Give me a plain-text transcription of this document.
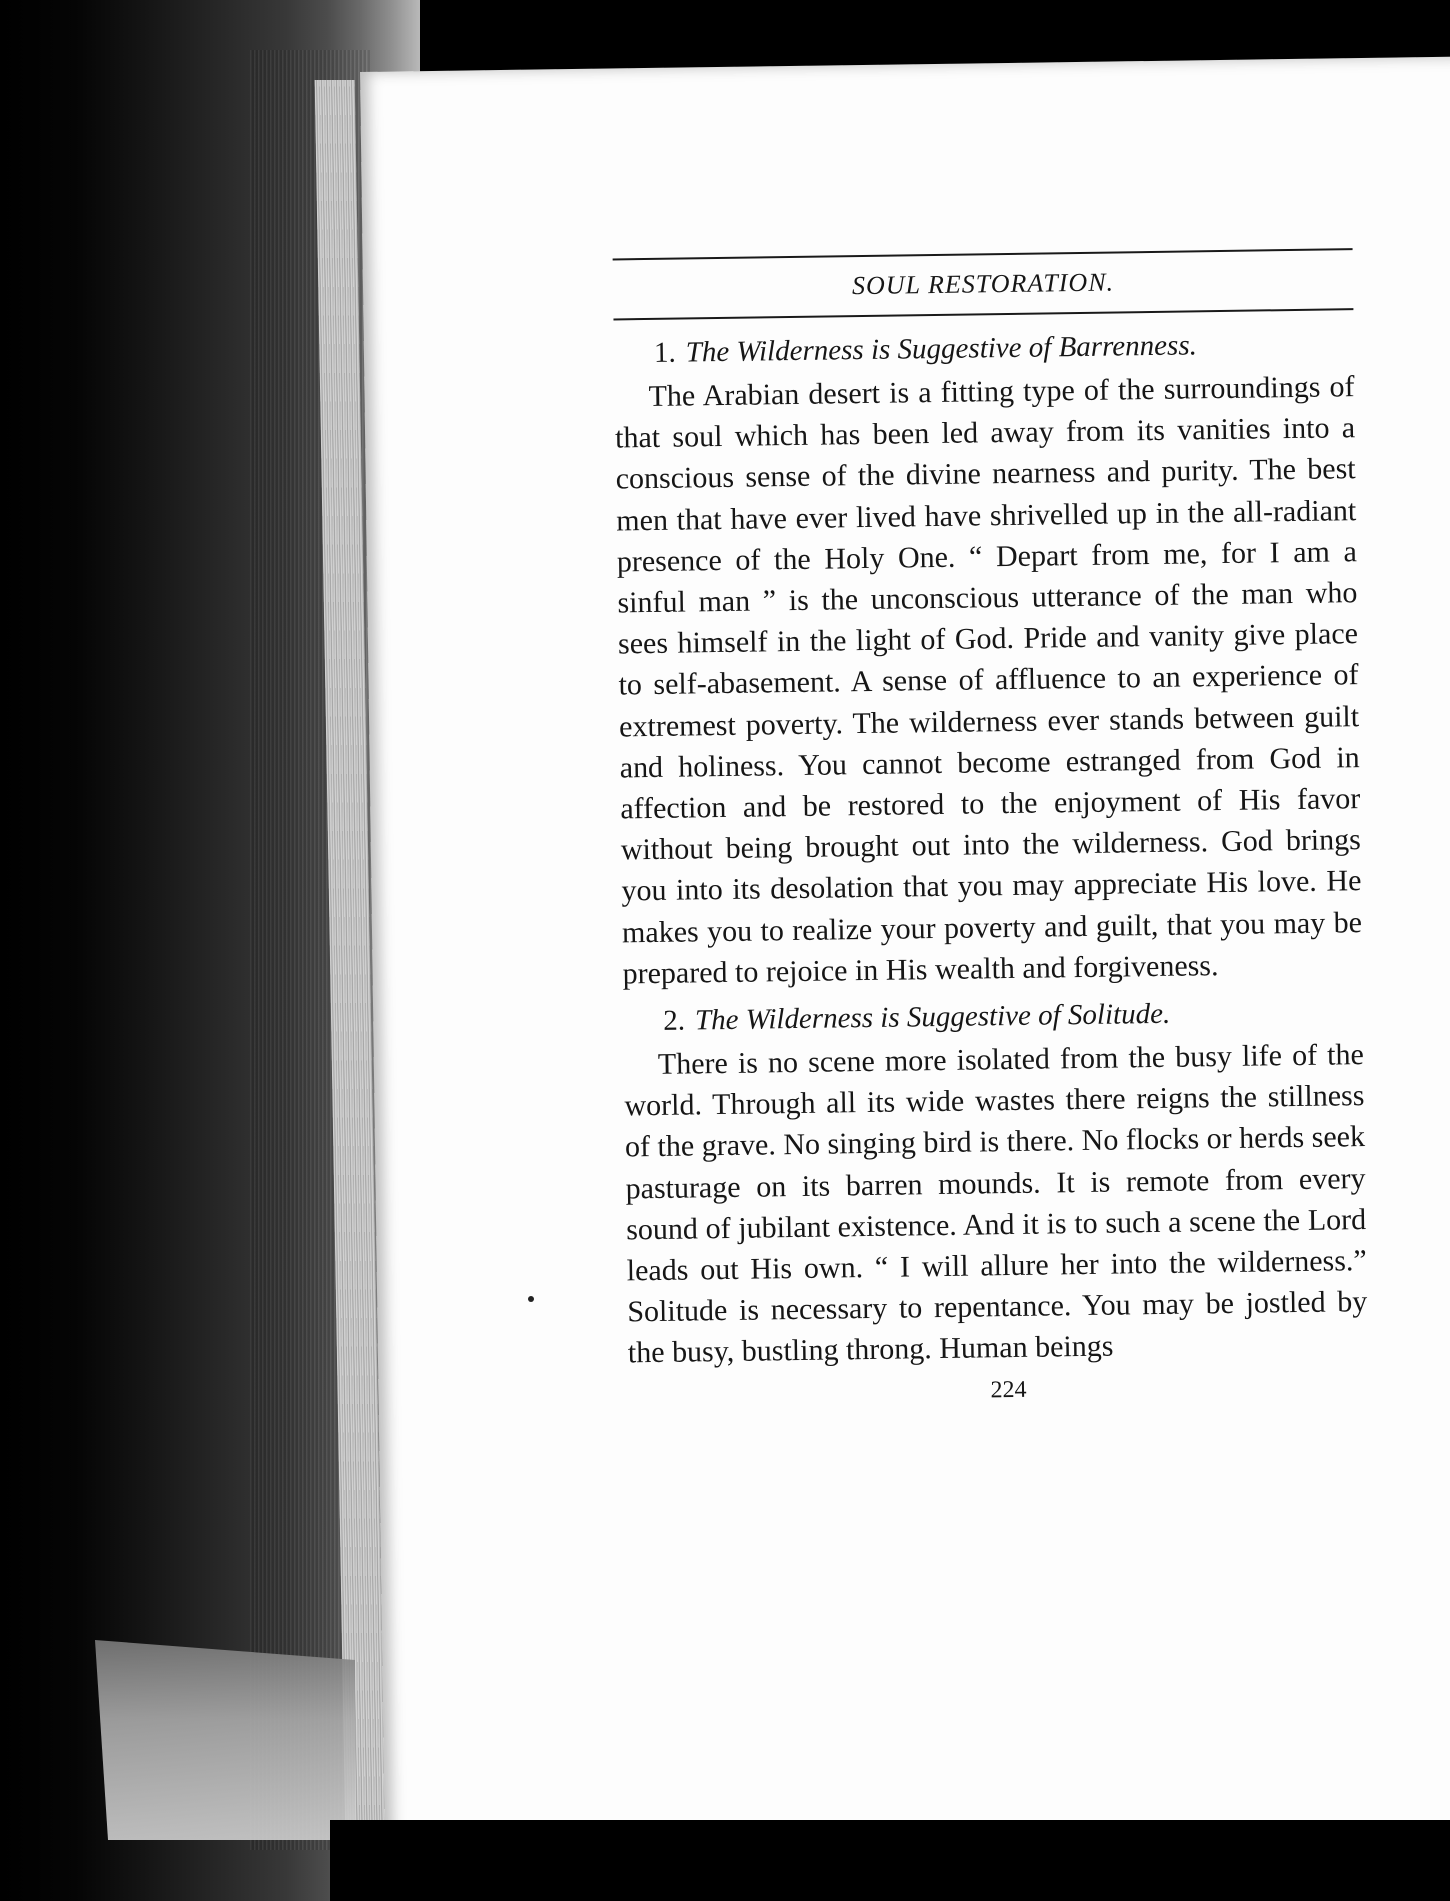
SOUL RESTORATION.
1. The Wilderness is Suggestive of Barrenness.

The Arabian desert is a fitting type of the surroundings of that soul which has been led away from its vanities into a conscious sense of the divine nearness and purity. The best men that have ever lived have shrivelled up in the all-radiant presence of the Holy One. “ Depart from me, for I am a sinful man ” is the unconscious utterance of the man who sees himself in the light of God. Pride and vanity give place to self-abasement. A sense of affluence to an experience of extremest poverty. The wilderness ever stands between guilt and holiness. You cannot become estranged from God in affection and be restored to the enjoyment of His favor without being brought out into the wilderness. God brings you into its desolation that you may appreciate His love. He makes you to realize your poverty and guilt, that you may be prepared to rejoice in His wealth and forgiveness.

2. The Wilderness is Suggestive of Solitude.

There is no scene more isolated from the busy life of the world. Through all its wide wastes there reigns the stillness of the grave. No singing bird is there. No flocks or herds seek pasturage on its barren mounds. It is remote from every sound of jubilant existence. And it is to such a scene the Lord leads out His own. “ I will allure her into the wilderness.” Solitude is necessary to repentance. You may be jostled by the busy, bustling throng. Human beings

224
